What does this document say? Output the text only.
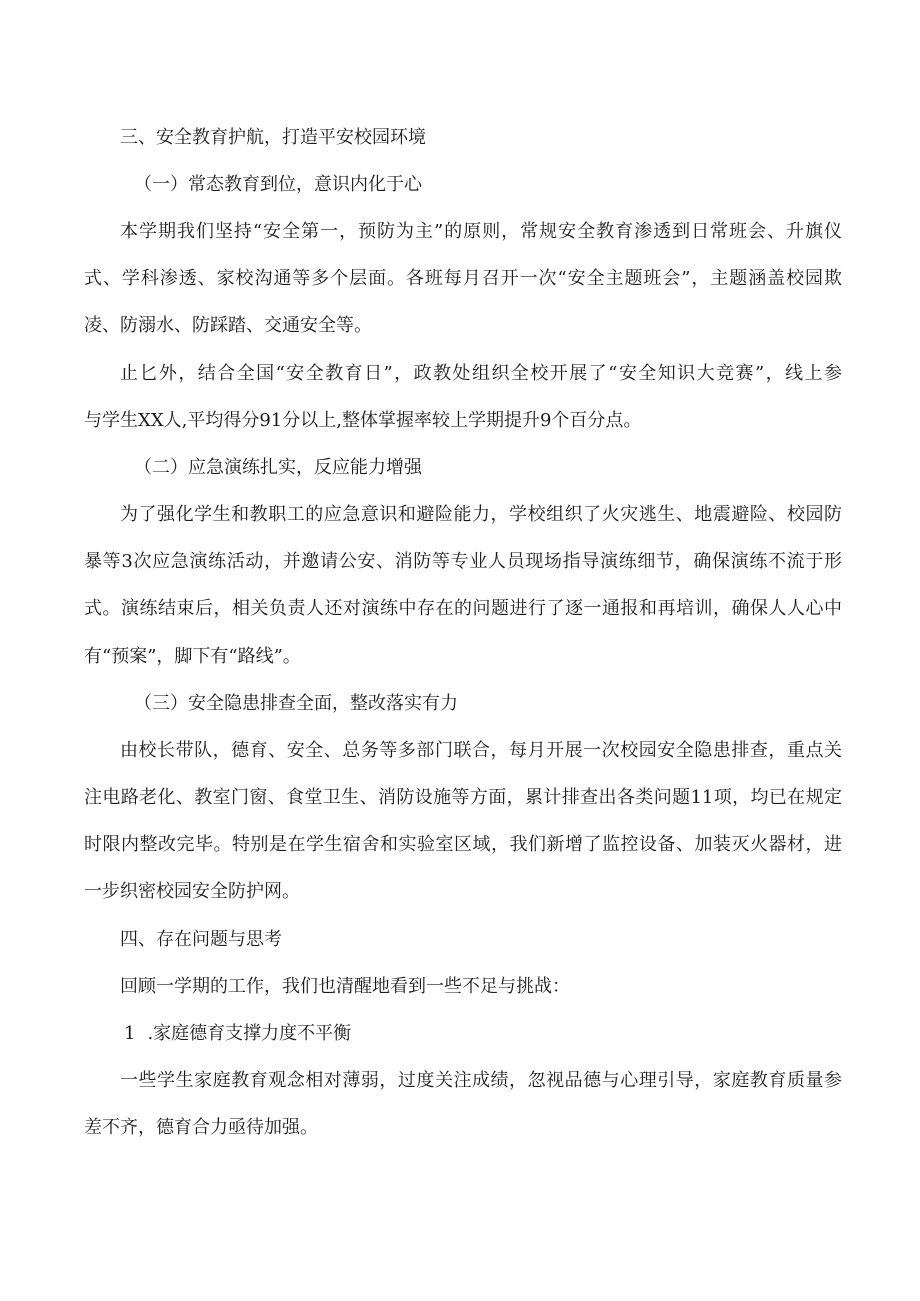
三、安全教育护航，打造平安校园环境
（一）常态教育到位，意识内化于心
本学期我们坚持“安全第一，预防为主”的原则，常规安全教育渗透到日常班会、升旗仪
式、学科渗透、家校沟通等多个层面。各班每月召开一次“安全主题班会”，主题涵盖校园欺
凌、防溺水、防踩踏、交通安全等。
止匕外，结合全国“安全教育日”，政教处组织全校开展了“安全知识大竞赛”，线上参
与学生XX人,平均得分91分以上,整体掌握率较上学期提升9个百分点。
（二）应急演练扎实，反应能力增强
为了强化学生和教职工的应急意识和避险能力，学校组织了火灾逃生、地震避险、校园防
暴等3次应急演练活动，并邀请公安、消防等专业人员现场指导演练细节，确保演练不流于形
式。演练结束后，相关负责人还对演练中存在的问题进行了逐一通报和再培训，确保人人心中
有“预案”，脚下有“路线”。
（三）安全隐患排查全面，整改落实有力
由校长带队，德育、安全、总务等多部门联合，每月开展一次校园安全隐患排查，重点关
注电路老化、教室门窗、食堂卫生、消防设施等方面，累计排查出各类问题11项，均已在规定
时限内整改完毕。特别是在学生宿舍和实验室区域，我们新增了监控设备、加装灭火器材，进
一步织密校园安全防护网。
四、存在问题与思考
回顾一学期的工作，我们也清醒地看到一些不足与挑战：
1 .家庭德育支撑力度不平衡
一些学生家庭教育观念相对薄弱，过度关注成绩，忽视品德与心理引导，家庭教育质量参
差不齐，德育合力亟待加强。
